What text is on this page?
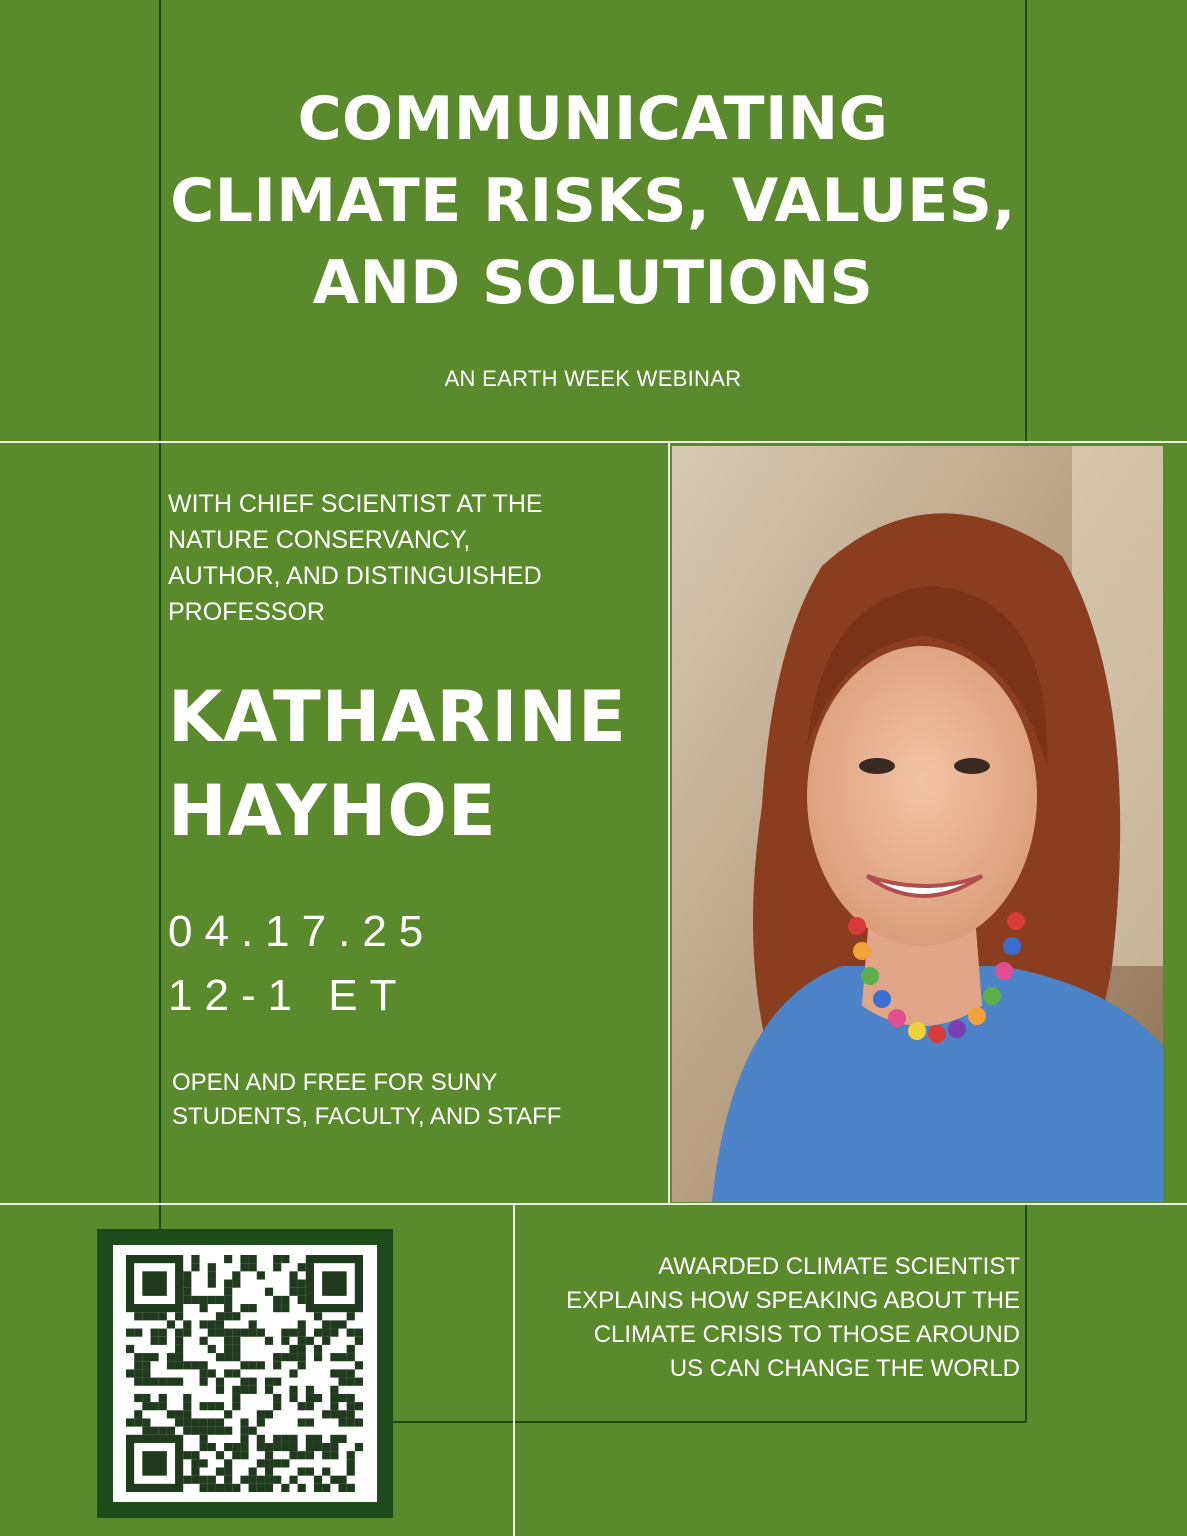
COMMUNICATING
CLIMATE RISKS, VALUES,
AND SOLUTIONS
AN EARTH WEEK WEBINAR
WITH CHIEF SCIENTIST AT THE
NATURE CONSERVANCY,
AUTHOR, AND DISTINGUISHED
PROFESSOR
KATHARINE
HAYHOE
04.17.25
12-1 ET
OPEN AND FREE FOR SUNY
STUDENTS, FACULTY, AND STAFF
AWARDED CLIMATE SCIENTIST
EXPLAINS HOW SPEAKING ABOUT THE
CLIMATE CRISIS TO THOSE AROUND
US CAN CHANGE THE WORLD
